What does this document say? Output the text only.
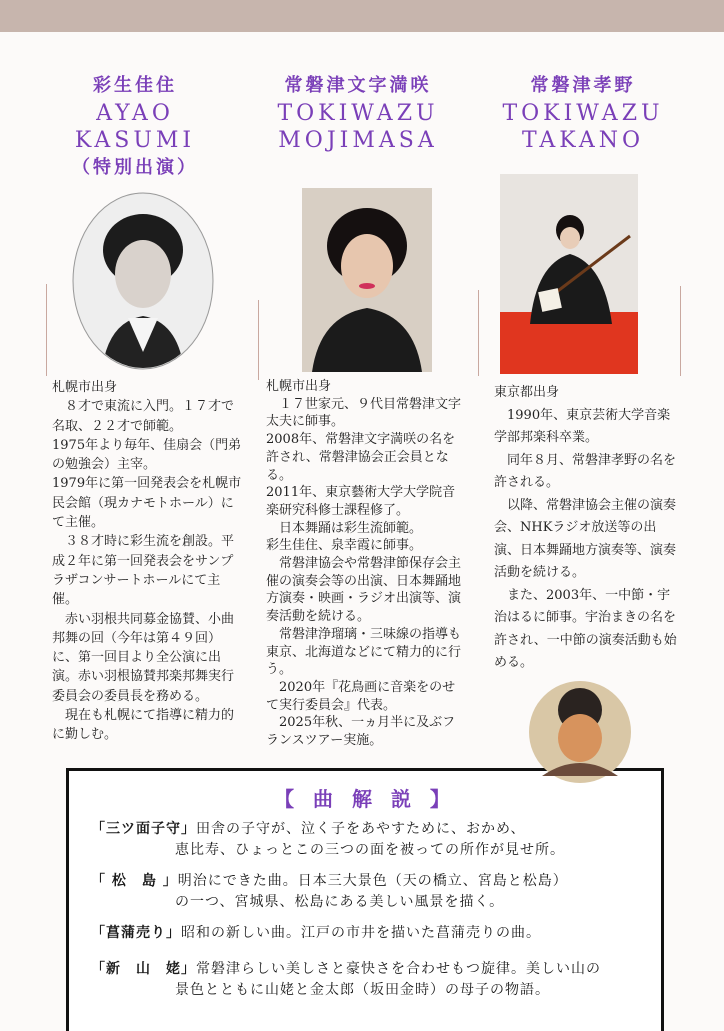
彩生佳住
AYAO
KASUMI
（特別出演）
常磐津文字満咲
TOKIWAZU
MOJIMASA
常磐津孝野
TOKIWAZU
TAKANO

札幌市出身

８才で東流に入門。１７才で名取、２２才で師範。

1975年より毎年、佳扇会（門弟の勉強会）主宰。

1979年に第一回発表会を札幌市民会館（現カナモトホール）にて主催。

３８才時に彩生流を創設。平成２年に第一回発表会をサンプラザコンサートホールにて主催。

赤い羽根共同募金協賛、小曲邦舞の回（今年は第４９回）に、第一回目より全公演に出演。赤い羽根協賛邦楽邦舞実行委員会の委員長を務める。

現在も札幌にて指導に精力的に勤しむ。

札幌市出身

１７世家元、９代目常磐津文字太夫に師事。

2008年、常磐津文字満咲の名を許され、常磐津協会正会員となる。

2011年、東京藝術大学大学院音楽研究科修士課程修了。

日本舞踊は彩生流師範。

彩生佳住、泉幸霞に師事。

常磐津協会や常磐津節保存会主催の演奏会等の出演、日本舞踊地方演奏・映画・ラジオ出演等、演奏活動を続ける。

常磐津浄瑠璃・三味線の指導も東京、北海道などにて精力的に行う。

2020年『花鳥画に音楽をのせて実行委員会』代表。

2025年秋、一ヵ月半に及ぶフランスツアー実施。

東京都出身

1990年、東京芸術大学音楽学部邦楽科卒業。

同年８月、常磐津孝野の名を許される。

以降、常磐津協会主催の演奏会、NHKラジオ放送等の出演、日本舞踊地方演奏等、演奏活動を続ける。

また、2003年、一中節・宇治はるに師事。宇治まきの名を許され、一中節の演奏活動も始める。

【 曲 解 説 】
「三ツ面子守」田舎の子守が、泣く子をあやすために、おかめ、
恵比寿、ひょっとこの三つの面を被っての所作が見せ所。
「 松　島 」明治にできた曲。日本三大景色（天の橋立、宮島と松島）
の一つ、宮城県、松島にある美しい風景を描く。
「菖蒲売り」昭和の新しい曲。江戸の市井を描いた菖蒲売りの曲。
「新　山　姥」常磐津らしい美しさと豪快さを合わせもつ旋律。美しい山の
景色とともに山姥と金太郎（坂田金時）の母子の物語。
